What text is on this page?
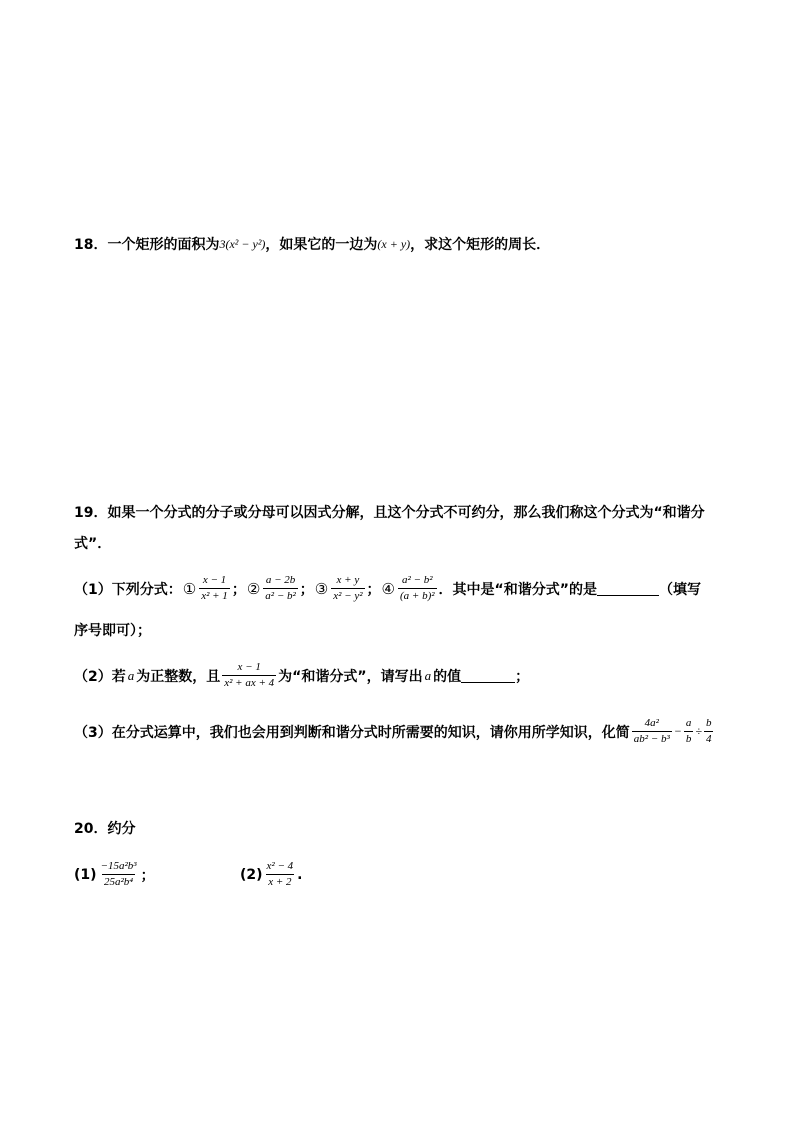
18． 一个矩形的面积为 3(x² − y²) ，如果它的一边为 (x + y) ，求这个矩形的周长．
19． 如果一个分式的分子或分母可以因式分解，且这个分式不可约分，那么我们称这个分式为“和谐分
式”．
（1）下列分式： ① $\frac{x - 1}{\text{x² + 1}}$ ； ② $\frac{a - 2b}{\text{a² − b²}}$ ； ③ $\frac{x + y}{\text{x² − y²}}$ ； ④ $\frac{\text{a² − b²}}{\text{(a + b)²}}$ ．其中是“和谐分式”的是	（填写
序号即可）；
（2）若 a 为正整数，且 $\frac{x - 1}{\text{x² + ax + 4}}$ 为“和谐分式”，请写出 a 的值	；
（3）在分式运算中，我们也会用到判断和谐分式时所需要的知识，请你用所学知识，化简 $\frac{\text{4a²}}{\text{ab² − b³}} - \frac{a}{b} \div \frac{b}{4}$
20． 约分
$(1) \frac{\text{−15a²b³}}{\text{25a²b⁴}}$ ；	$(2) \frac{\text{x² − 4}}{x + 2}$ .
